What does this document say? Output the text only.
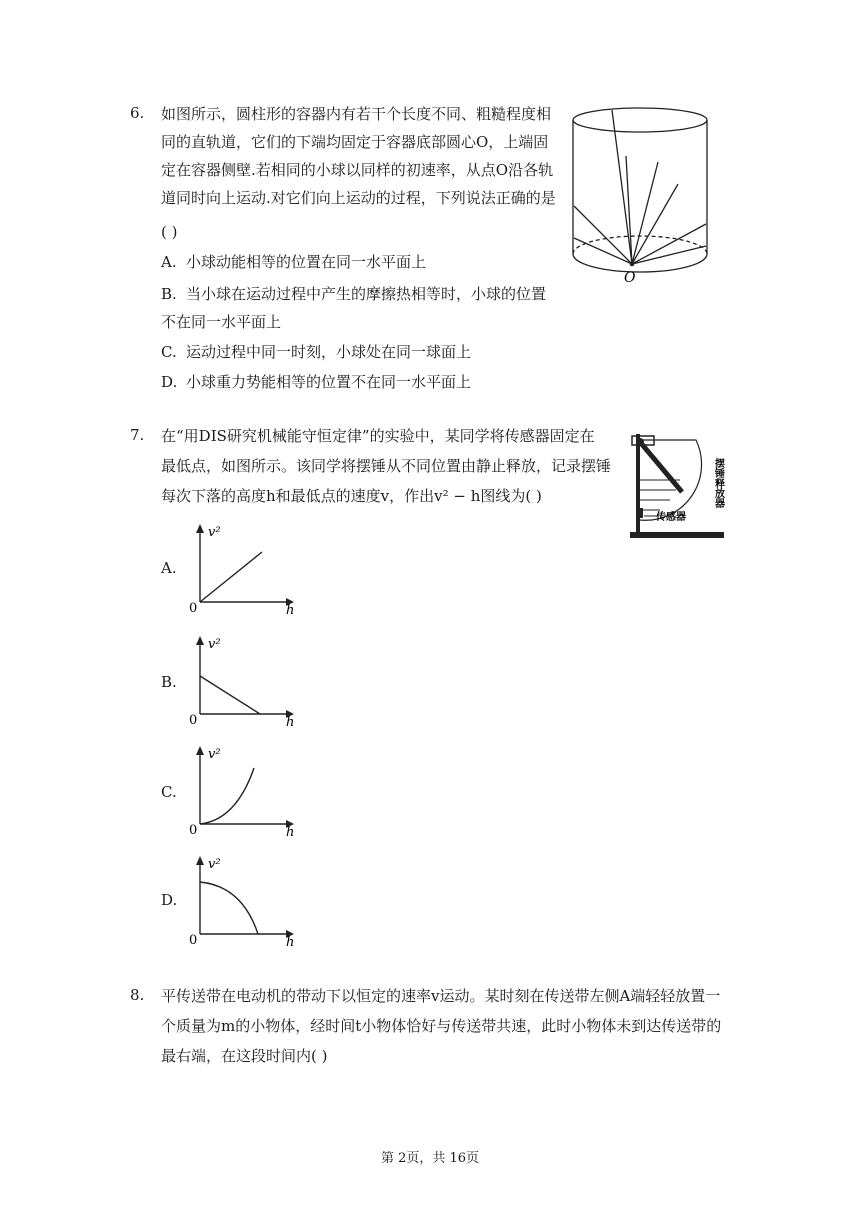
6. 如图所示，圆柱形的容器内有若干个长度不同、粗糙程度相
同的直轨道，它们的下端均固定于容器底部圆心O，上端固
定在容器侧壁.若相同的小球以同样的初速率，从点O沿各轨
道同时向上运动.对它们向上运动的过程，下列说法正确的是
( )
A. 小球动能相等的位置在同一水平面上
B. 当小球在运动过程中产生的摩擦热相等时，小球的位置
不在同一水平面上
C. 运动过程中同一时刻，小球处在同一球面上
D. 小球重力势能相等的位置不在同一水平面上
O
7. 在“用DIS研究机械能守恒定律”的实验中，某同学将传感器固定在
最低点，如图所示。该同学将摆锤从不同位置由静止释放，记录摆锤
每次下落的高度h和最低点的速度v，作出v² − h图线为( )	摆锤释放器
传感器
A.
v²
h
0
B.
v²
h
0
C.
v²
h
0
D.
v²
h
0
8. 平传送带在电动机的带动下以恒定的速率v运动。某时刻在传送带左侧A端轻轻放置一
个质量为m的小物体，经时间t小物体恰好与传送带共速，此时小物体未到达传送带的
最右端，在这段时间内( )
第 2页，共 16页
